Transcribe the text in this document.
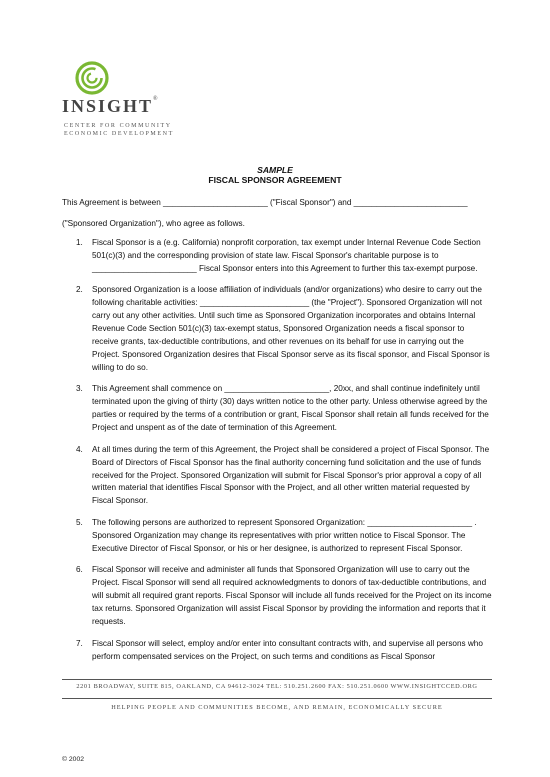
INSIGHT®
CENTER FOR COMMUNITY
ECONOMIC DEVELOPMENT
SAMPLE
FISCAL SPONSOR AGREEMENT
This Agreement is between _______________________ ("Fiscal Sponsor") and _________________________
("Sponsored Organization"), who agree as follows.
1. Fiscal Sponsor is a (e.g. California) nonprofit corporation, tax exempt under Internal Revenue Code Section 501(c)(3) and the corresponding provision of state law. Fiscal Sponsor's charitable purpose is to _______________________ Fiscal Sponsor enters into this Agreement to further this tax-exempt purpose.
2. Sponsored Organization is a loose affiliation of individuals (and/or organizations) who desire to carry out the following charitable activities: ________________________ (the "Project"). Sponsored Organization will not carry out any other activities. Until such time as Sponsored Organization incorporates and obtains Internal Revenue Code Section 501(c)(3) tax-exempt status, Sponsored Organization needs a fiscal sponsor to receive grants, tax-deductible contributions, and other revenues on its behalf for use in carrying out the Project. Sponsored Organization desires that Fiscal Sponsor serve as its fiscal sponsor, and Fiscal Sponsor is willing to do so.
3. This Agreement shall commence on _______________________, 20xx, and shall continue indefinitely until terminated upon the giving of thirty (30) days written notice to the other party. Unless otherwise agreed by the parties or required by the terms of a contribution or grant, Fiscal Sponsor shall retain all funds received for the Project and unspent as of the date of termination of this Agreement.
4. At all times during the term of this Agreement, the Project shall be considered a project of Fiscal Sponsor. The Board of Directors of Fiscal Sponsor has the final authority concerning fund solicitation and the use of funds received for the Project. Sponsored Organization will submit for Fiscal Sponsor's prior approval a copy of all written material that identifies Fiscal Sponsor with the Project, and all other written material requested by Fiscal Sponsor.
5. The following persons are authorized to represent Sponsored Organization: _______________________ . Sponsored Organization may change its representatives with prior written notice to Fiscal Sponsor. The Executive Director of Fiscal Sponsor, or his or her designee, is authorized to represent Fiscal Sponsor.
6. Fiscal Sponsor will receive and administer all funds that Sponsored Organization will use to carry out the Project. Fiscal Sponsor will send all required acknowledgments to donors of tax-deductible contributions, and will submit all required grant reports. Fiscal Sponsor will include all funds received for the Project on its income tax returns. Sponsored Organization will assist Fiscal Sponsor by providing the information and reports that it requests.
7. Fiscal Sponsor will select, employ and/or enter into consultant contracts with, and supervise all persons who perform compensated services on the Project, on such terms and conditions as Fiscal Sponsor
2201 BROADWAY, SUITE 815, OAKLAND, CA 94612-3024 TEL: 510.251.2600 FAX: 510.251.0600 WWW.INSIGHTCCED.ORG
HELPING PEOPLE AND COMMUNITIES BECOME, AND REMAIN, ECONOMICALLY SECURE
© 2002
